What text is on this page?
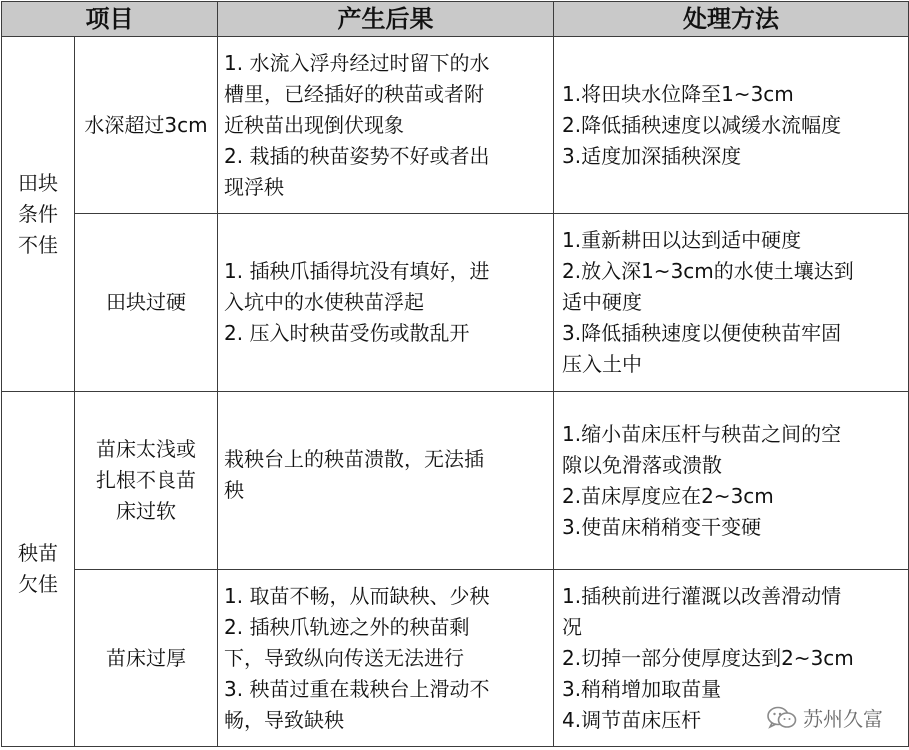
项目		产生后果	处理方法

田块
条件
不佳	水深超过3cm	1. 水流入浮舟经过时留下的水
槽里，已经插好的秧苗或者附
近秧苗出现倒伏现象
2. 栽插的秧苗姿势不好或者出
现浮秧	1.将田块水位降至1~3cm
2.降低插秧速度以减缓水流幅度
3.适度加深插秧深度

	田块过硬	1. 插秧爪插得坑没有填好，进
入坑中的水使秧苗浮起
2. 压入时秧苗受伤或散乱开	1.重新耕田以达到适中硬度
2.放入深1~3cm的水使土壤达到
适中硬度
3.降低插秧速度以便使秧苗牢固
压入土中

秧苗
欠佳	苗床太浅或
扎根不良苗
床过软	栽秧台上的秧苗溃散，无法插
秧	1.缩小苗床压杆与秧苗之间的空
隙以免滑落或溃散
2.苗床厚度应在2~3cm
3.使苗床稍稍变干变硬

	苗床过厚	1. 取苗不畅，从而缺秧、少秧
2. 插秧爪轨迹之外的秧苗剩
下，导致纵向传送无法进行
3. 秧苗过重在栽秧台上滑动不
畅，导致缺秧	1.插秧前进行灌溉以改善滑动情
况
2.切掉一部分使厚度达到2~3cm
3.稍稍增加取苗量
4.调节苗床压杆	苏州久富
